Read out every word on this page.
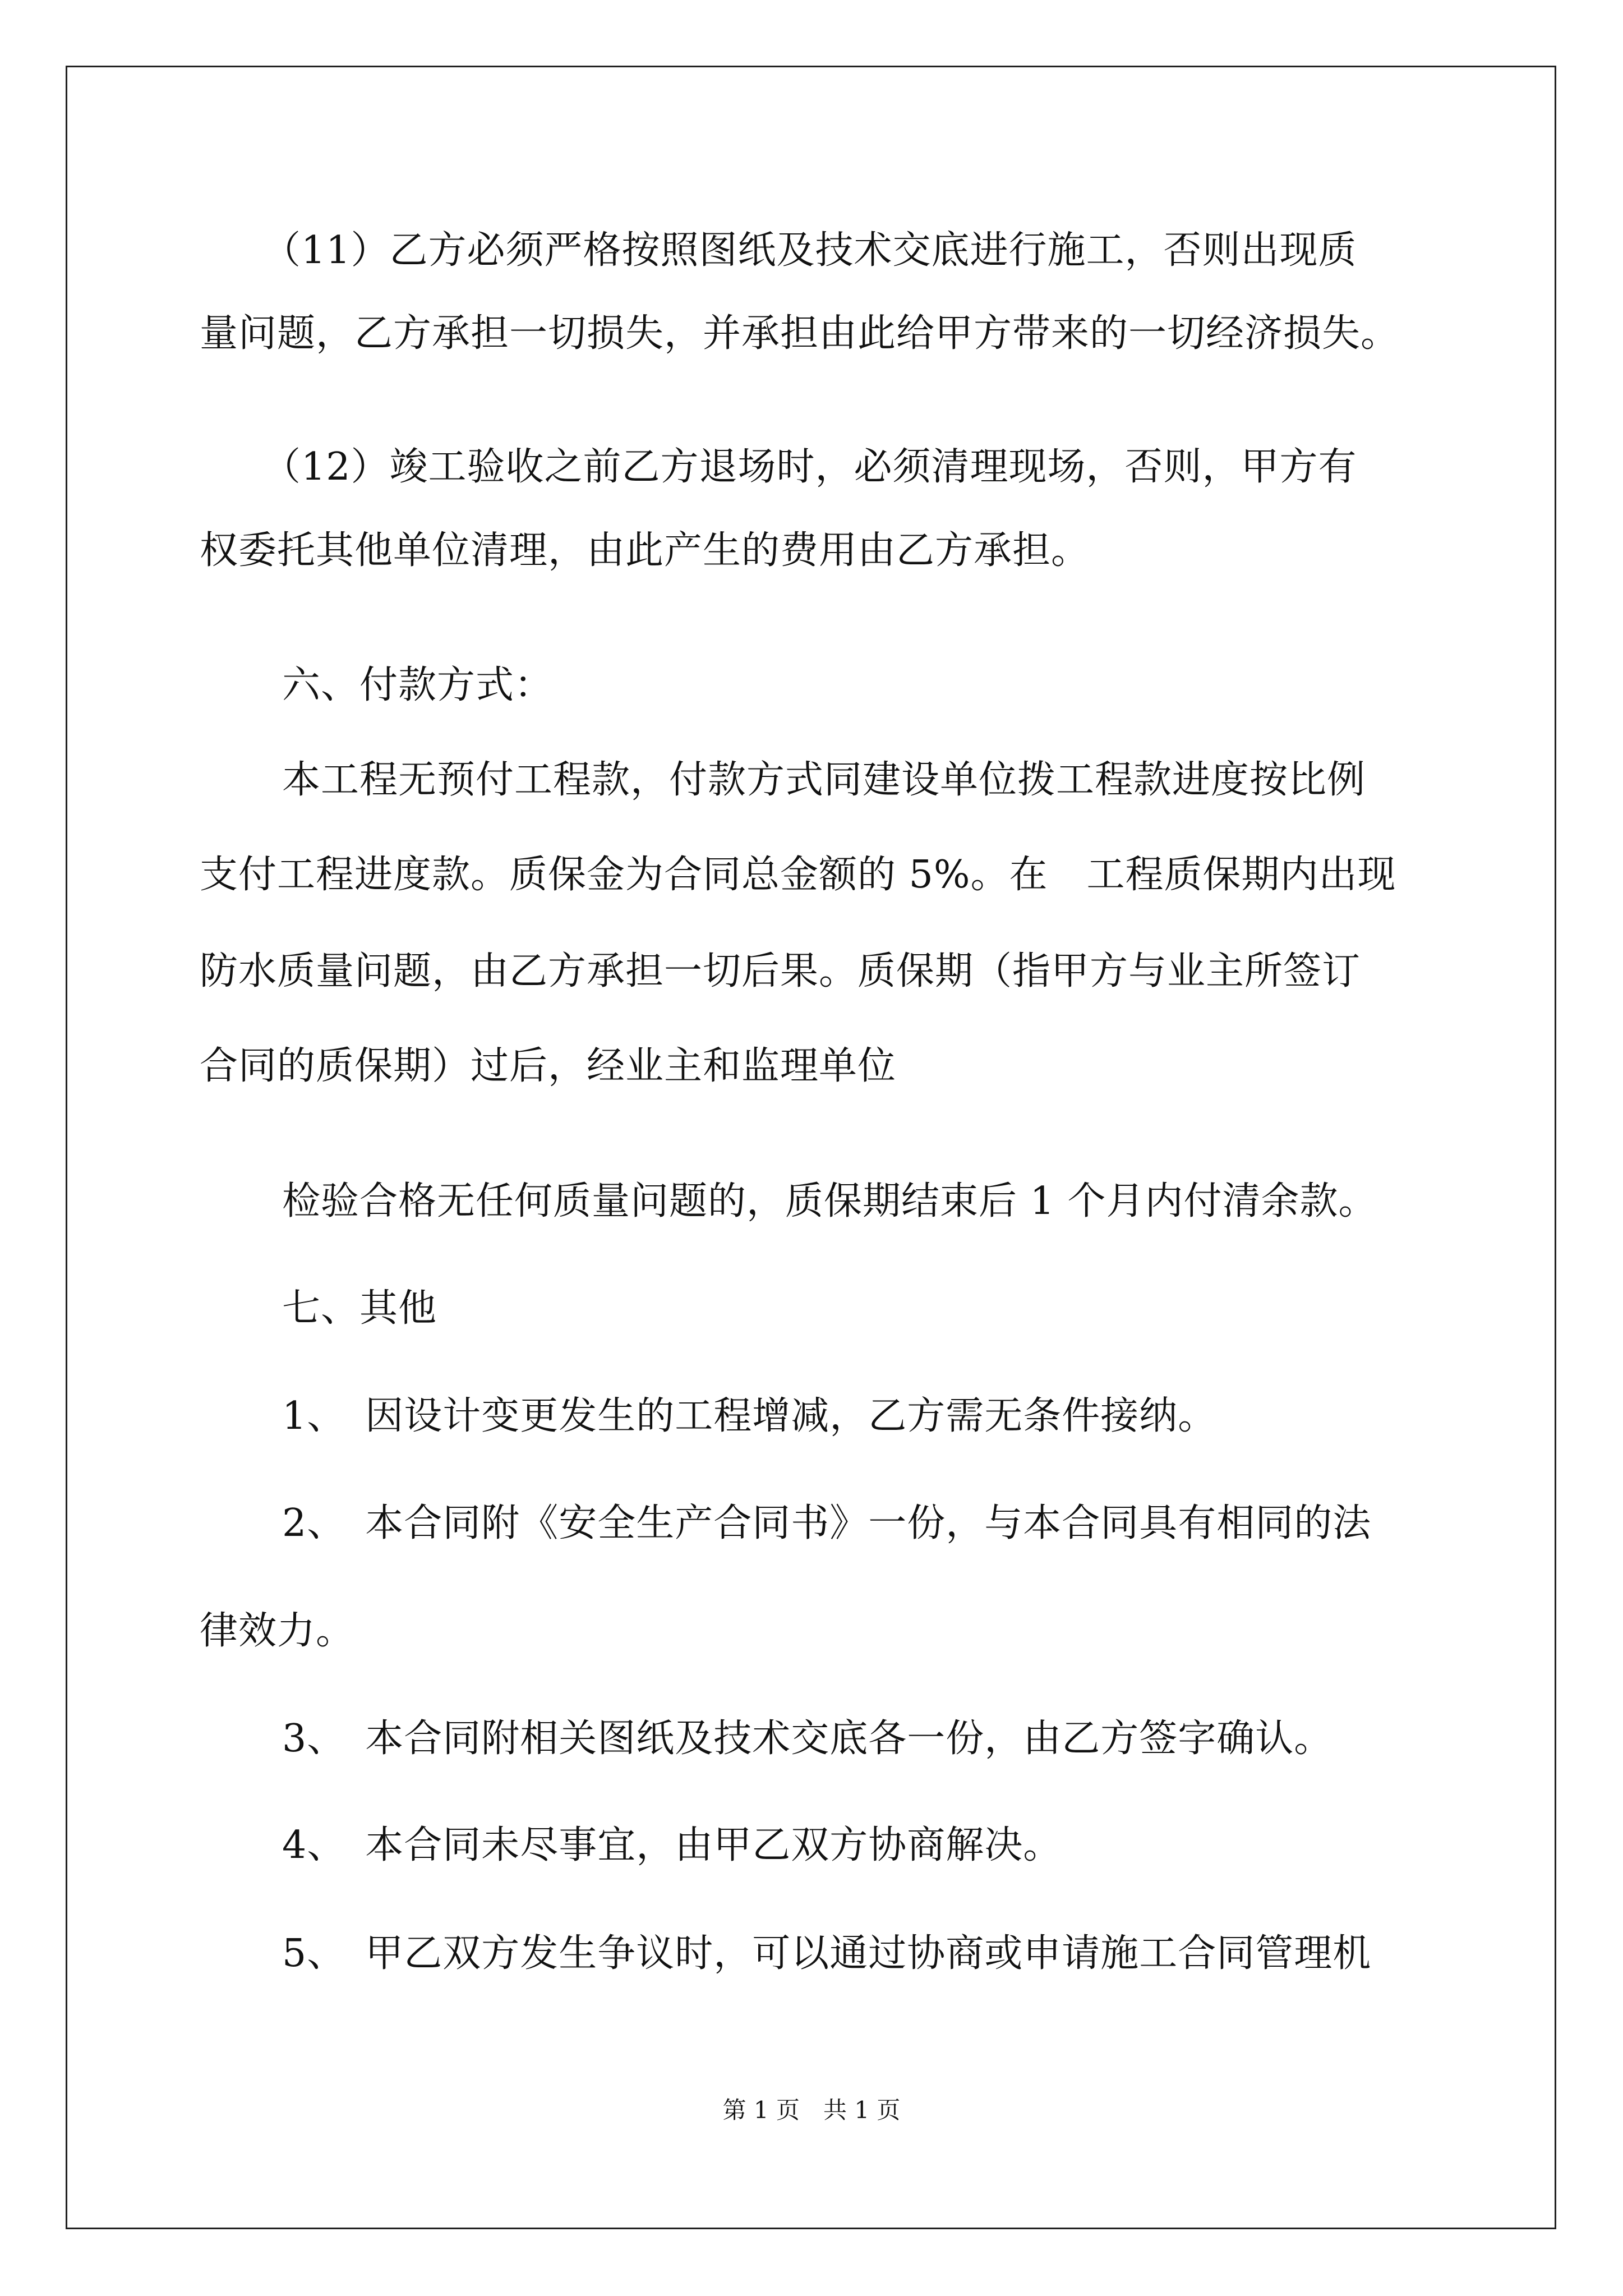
（11）乙方必须严格按照图纸及技术交底进行施工，否则出现质
量问题，乙方承担一切损失，并承担由此给甲方带来的一切经济损失。
（12）竣工验收之前乙方退场时，必须清理现场，否则，甲方有
权委托其他单位清理，由此产生的费用由乙方承担。
六、付款方式：
本工程无预付工程款，付款方式同建设单位拨工程款进度按比例
支付工程进度款。质保金为合同总金额的 5%。在　工程质保期内出现
防水质量问题，由乙方承担一切后果。质保期（指甲方与业主所签订
合同的质保期）过后，经业主和监理单位
检验合格无任何质量问题的，质保期结束后 1 个月内付清余款。
七、其他
1、　因设计变更发生的工程增减，乙方需无条件接纳。
2、　本合同附《安全生产合同书》一份，与本合同具有相同的法
律效力。
3、　本合同附相关图纸及技术交底各一份，由乙方签字确认。
4、　本合同未尽事宜，由甲乙双方协商解决。
5、　甲乙双方发生争议时，可以通过协商或申请施工合同管理机
第 1 页　共 1 页
